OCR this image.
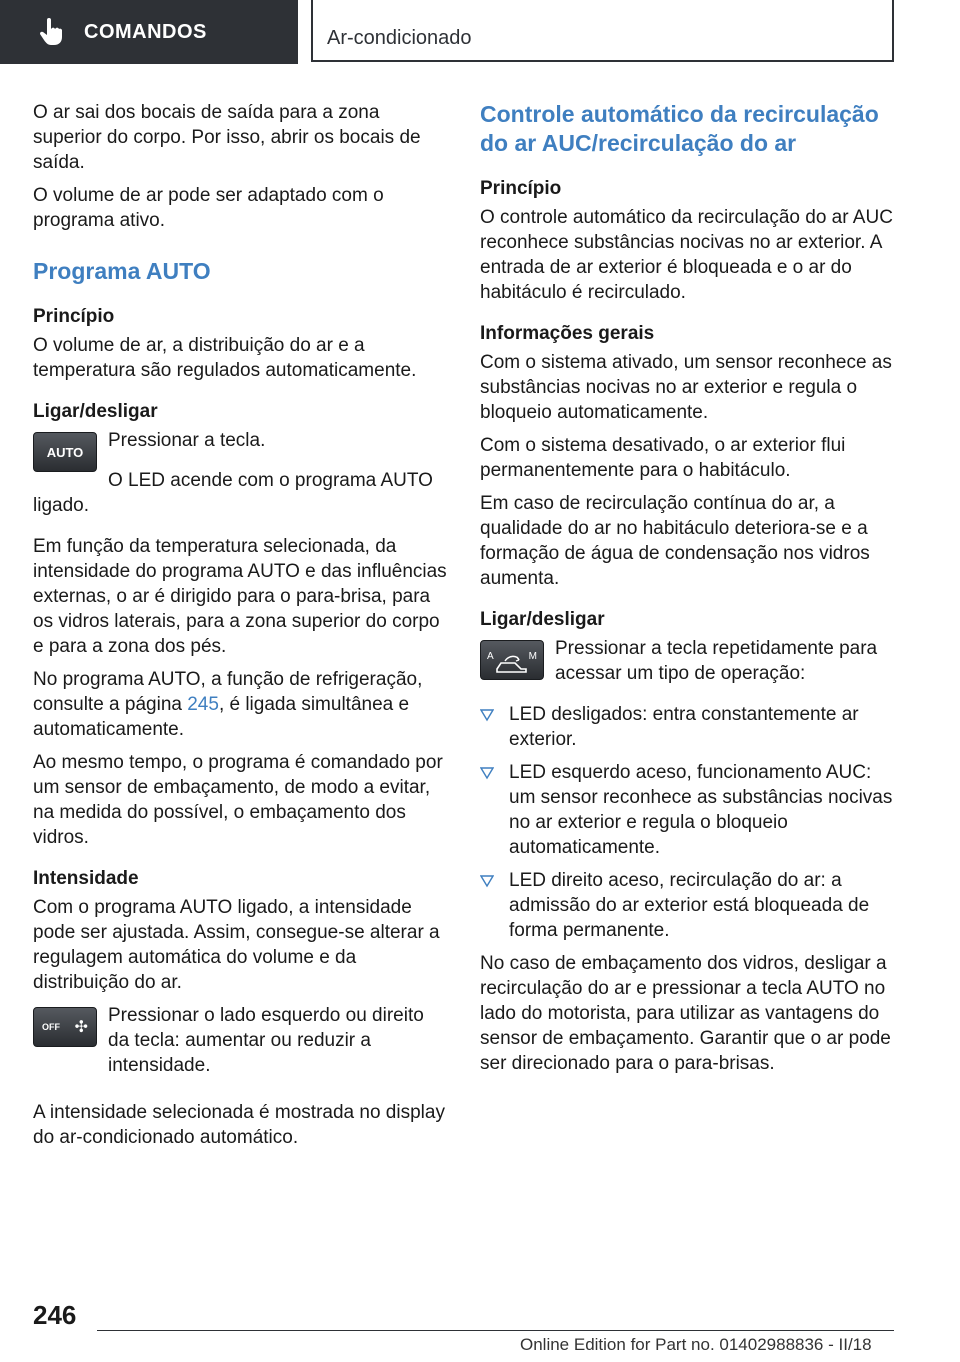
COMANDOS	Ar-condicionado

O ar sai dos bocais de saída para a zona superior do corpo. Por isso, abrir os bocais de saída.

O volume de ar pode ser adaptado com o programa ativo.

Programa AUTO
Princípio

O volume de ar, a distribuição do ar e a temperatura são regulados automaticamente.

Ligar/desligar
AUTO

Pressionar a tecla.

O LED acende com o programa AUTO ligado.

Em função da temperatura selecionada, da intensidade do programa AUTO e das influências externas, o ar é dirigido para o para-brisa, para os vidros laterais, para a zona superior do corpo e para a zona dos pés.

No programa AUTO, a função de refrigeração, consulte a página 245, é ligada simultânea e automaticamente.

Ao mesmo tempo, o programa é comandado por um sensor de embaçamento, de modo a evitar, na medida do possível, o embaçamento dos vidros.

Intensidade

Com o programa AUTO ligado, a intensidade pode ser ajustada. Assim, consegue-se alterar a regulagem automática do volume e da distribuição do ar.

OFF ✣

Pressionar o lado esquerdo ou direito da tecla: aumentar ou reduzir a intensidade.

A intensidade selecionada é mostrada no display do ar-condicionado automático.

Controle automático da recirculação do ar AUC/recirculação do ar
Princípio

O controle automático da recirculação do ar AUC reconhece substâncias nocivas no ar exterior. A entrada de ar exterior é bloqueada e o ar do habitáculo é recirculado.

Informações gerais

Com o sistema ativado, um sensor reconhece as substâncias nocivas no ar exterior e regula o bloqueio automaticamente.

Com o sistema desativado, o ar exterior flui permanentemente para o habitáculo.

Em caso de recirculação contínua do ar, a qualidade do ar no habitáculo deteriora-se e a formação de água de condensação nos vidros aumenta.

Ligar/desligar
A	M Pressionar a tecla repetidamente para acessar um tipo de operação:

LED desligados: entra constantemente ar exterior.
LED esquerdo aceso, funcionamento AUC: um sensor reconhece as substâncias nocivas no ar exterior e regula o bloqueio automaticamente.
LED direito aceso, recirculação do ar: a admissão do ar exterior está bloqueada de forma permanente.

No caso de embaçamento dos vidros, desligar a recirculação do ar e pressionar a tecla AUTO no lado do motorista, para utilizar as vantagens do sensor de embaçamento. Garantir que o ar pode ser direcionado para o para-brisas.

246
Online Edition for Part no. 01402988836 - II/18
